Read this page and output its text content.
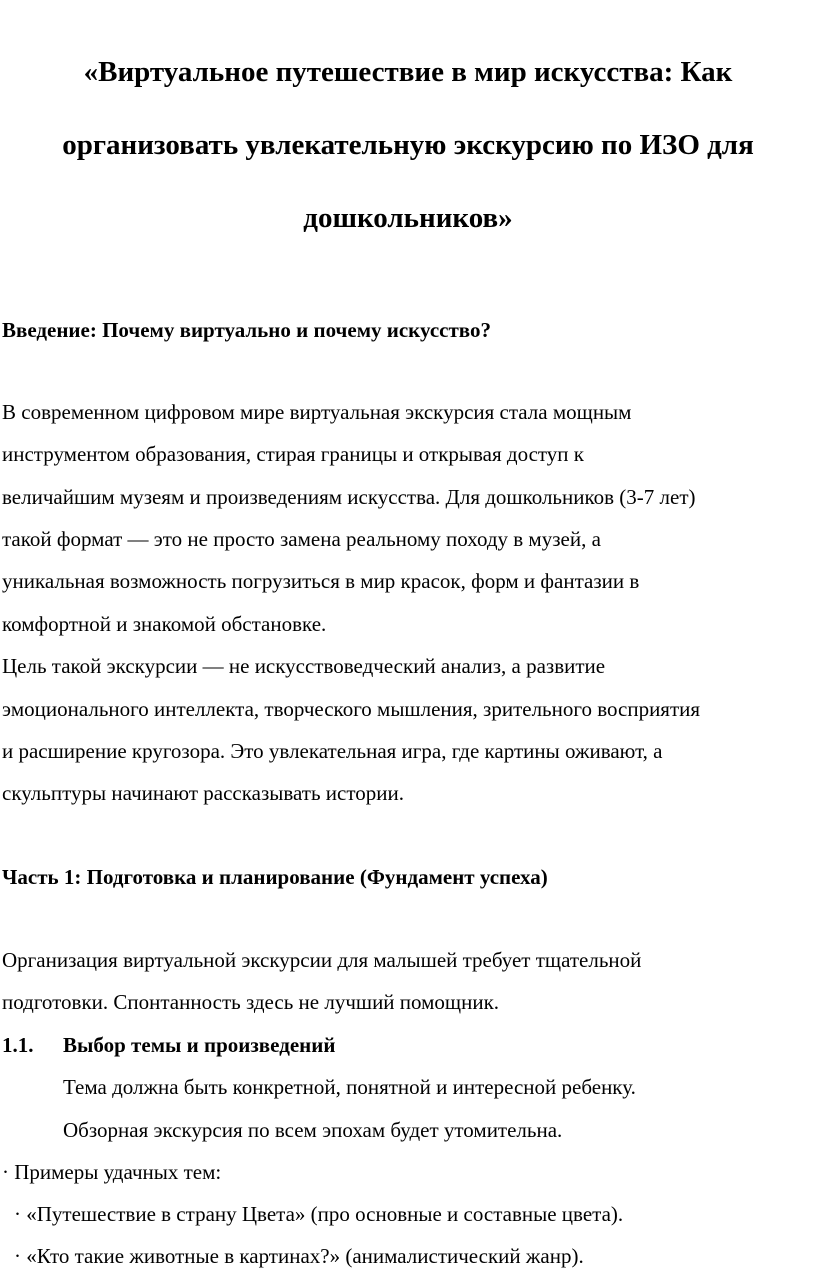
«Виртуальное путешествие в мир искусства: Как
организовать увлекательную экскурсию по ИЗО для
дошкольников»
Введение: Почему виртуально и почему искусство?

В современном цифровом мире виртуальная экскурсия стала мощным

инструментом образования, стирая границы и открывая доступ к

величайшим музеям и произведениям искусства. Для дошкольников (3-7 лет)

такой формат — это не просто замена реальному походу в музей, а

уникальная возможность погрузиться в мир красок, форм и фантазии в

комфортной и знакомой обстановке.

Цель такой экскурсии — не искусствоведческий анализ, а развитие

эмоционального интеллекта, творческого мышления, зрительного восприятия

и расширение кругозора. Это увлекательная игра, где картины оживают, а

скульптуры начинают рассказывать истории.

Часть 1: Подготовка и планирование (Фундамент успеха)

Организация виртуальной экскурсии для малышей требует тщательной

подготовки. Спонтанность здесь не лучший помощник.

1.1. Выбор темы и произведений

Тема должна быть конкретной, понятной и интересной ребенку.

Обзорная экскурсия по всем эпохам будет утомительна.

· Примеры удачных тем:

· «Путешествие в страну Цвета» (про основные и составные цвета).

· «Кто такие животные в картинах?» (анималистический жанр).
